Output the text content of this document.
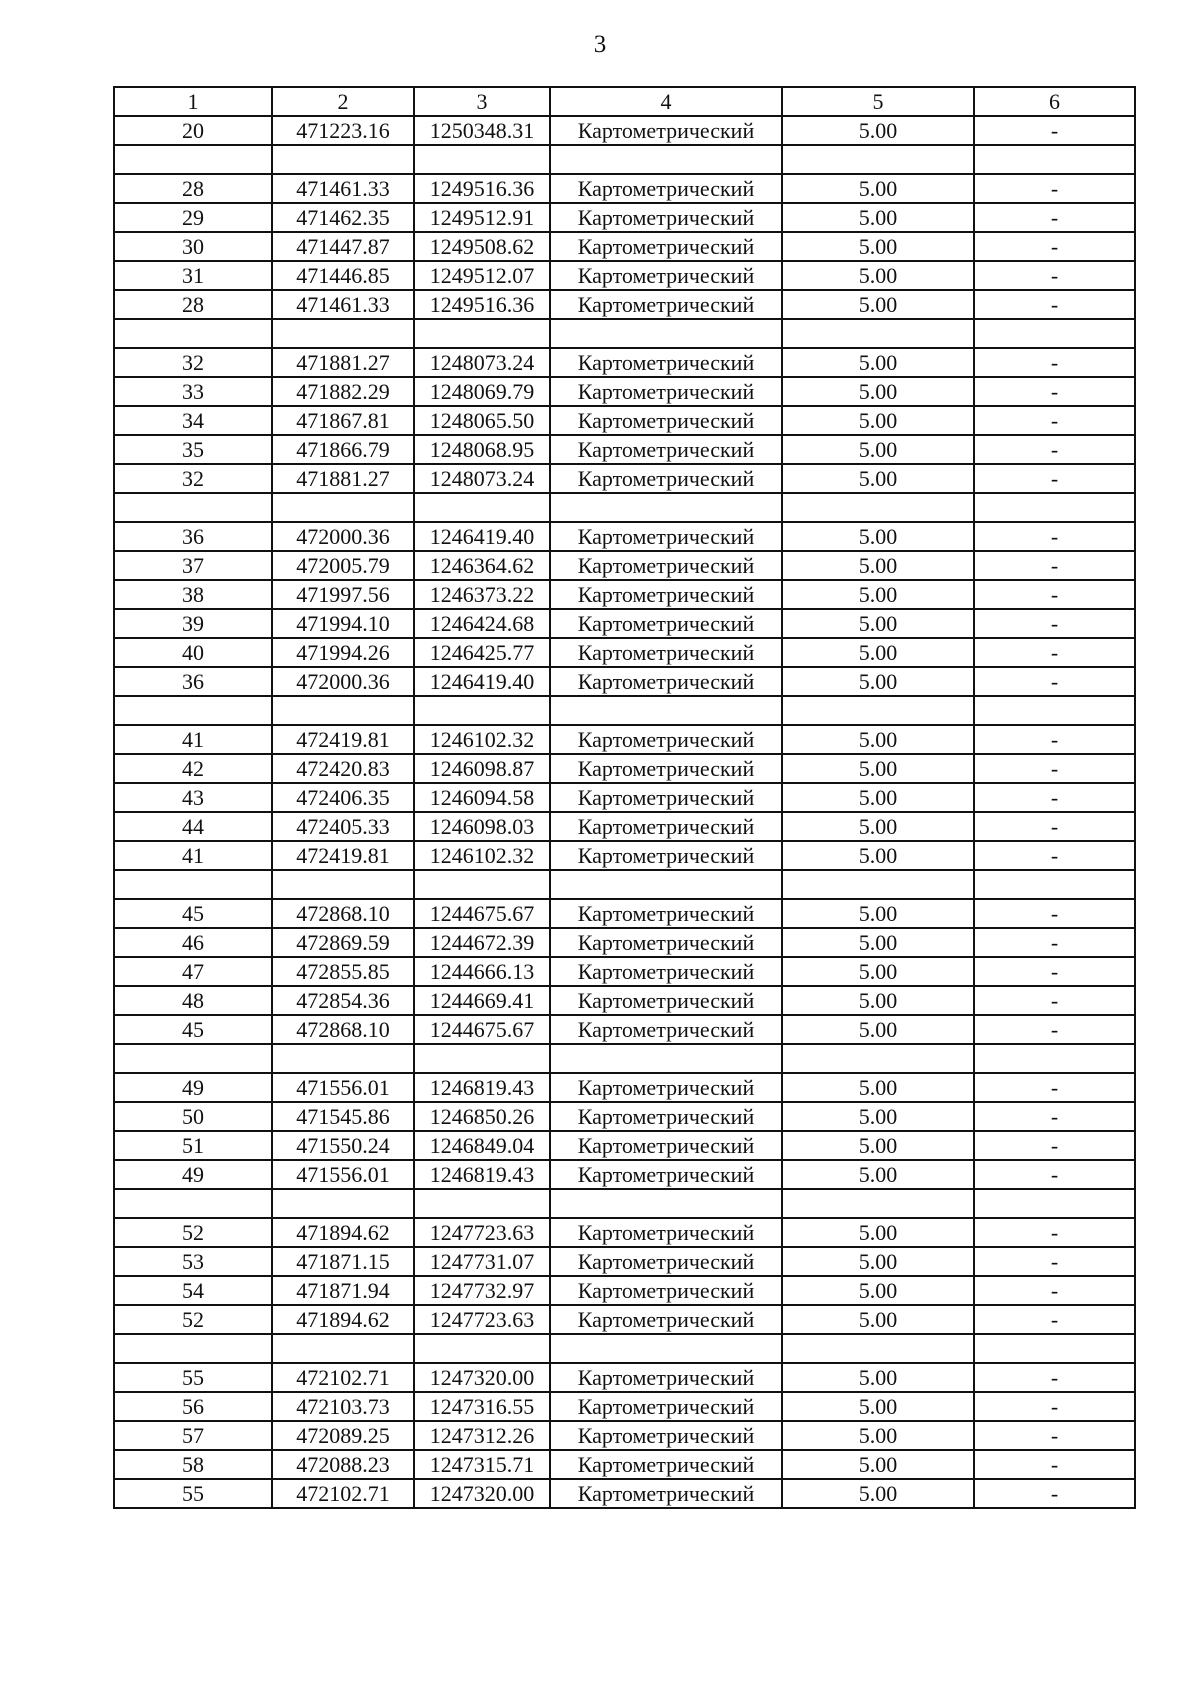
3
1	2	3	4	5	6
20	471223.16	1250348.31	Картометрический	5.00	-

28	471461.33	1249516.36	Картометрический	5.00	-
29	471462.35	1249512.91	Картометрический	5.00	-
30	471447.87	1249508.62	Картометрический	5.00	-
31	471446.85	1249512.07	Картометрический	5.00	-
28	471461.33	1249516.36	Картометрический	5.00	-

32	471881.27	1248073.24	Картометрический	5.00	-
33	471882.29	1248069.79	Картометрический	5.00	-
34	471867.81	1248065.50	Картометрический	5.00	-
35	471866.79	1248068.95	Картометрический	5.00	-
32	471881.27	1248073.24	Картометрический	5.00	-

36	472000.36	1246419.40	Картометрический	5.00	-
37	472005.79	1246364.62	Картометрический	5.00	-
38	471997.56	1246373.22	Картометрический	5.00	-
39	471994.10	1246424.68	Картометрический	5.00	-
40	471994.26	1246425.77	Картометрический	5.00	-
36	472000.36	1246419.40	Картометрический	5.00	-

41	472419.81	1246102.32	Картометрический	5.00	-
42	472420.83	1246098.87	Картометрический	5.00	-
43	472406.35	1246094.58	Картометрический	5.00	-
44	472405.33	1246098.03	Картометрический	5.00	-
41	472419.81	1246102.32	Картометрический	5.00	-

45	472868.10	1244675.67	Картометрический	5.00	-
46	472869.59	1244672.39	Картометрический	5.00	-
47	472855.85	1244666.13	Картометрический	5.00	-
48	472854.36	1244669.41	Картометрический	5.00	-
45	472868.10	1244675.67	Картометрический	5.00	-

49	471556.01	1246819.43	Картометрический	5.00	-
50	471545.86	1246850.26	Картометрический	5.00	-
51	471550.24	1246849.04	Картометрический	5.00	-
49	471556.01	1246819.43	Картометрический	5.00	-

52	471894.62	1247723.63	Картометрический	5.00	-
53	471871.15	1247731.07	Картометрический	5.00	-
54	471871.94	1247732.97	Картометрический	5.00	-
52	471894.62	1247723.63	Картометрический	5.00	-

55	472102.71	1247320.00	Картометрический	5.00	-
56	472103.73	1247316.55	Картометрический	5.00	-
57	472089.25	1247312.26	Картометрический	5.00	-
58	472088.23	1247315.71	Картометрический	5.00	-
55	472102.71	1247320.00	Картометрический	5.00	-
